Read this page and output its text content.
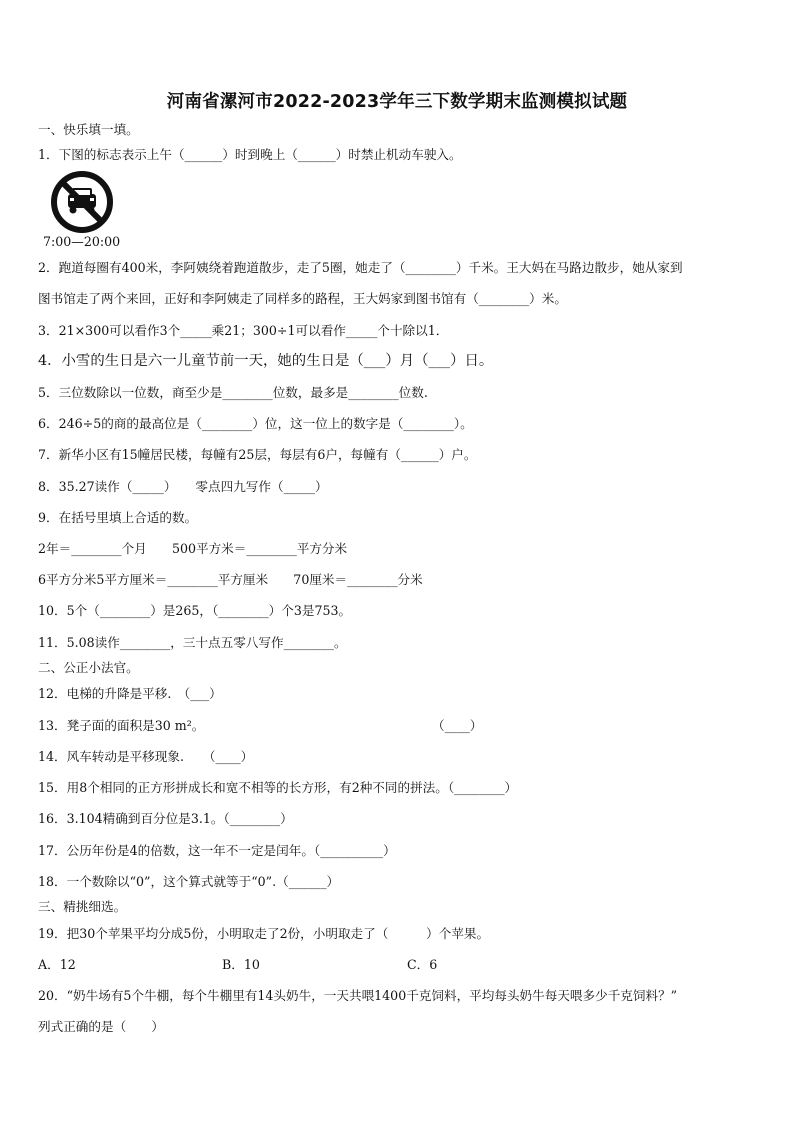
河南省漯河市2022-2023学年三下数学期末监测模拟试题
一、快乐填一填。
1．下图的标志表示上午（______）时到晚上（______）时禁止机动车驶入。
7:00—20:00
2．跑道每圈有400米，李阿姨绕着跑道散步，走了5圈，她走了（________）千米。王大妈在马路边散步，她从家到
图书馆走了两个来回，正好和李阿姨走了同样多的路程，王大妈家到图书馆有（________）米。
3．21×300可以看作3个_____乘21；300÷1可以看作_____个十除以1．
4．小雪的生日是六一儿童节前一天，她的生日是（___）月（___）日。
5．三位数除以一位数，商至少是________位数，最多是________位数.
6．246÷5的商的最高位是（________）位，这一位上的数字是（________）。
7．新华小区有15幢居民楼，每幢有25层，每层有6户，每幢有（______）户。
8．35.27读作（_____）　　零点四九写作（_____）
9．在括号里填上合适的数。
2年＝________个月　　500平方米＝________平方分米
6平方分米5平方厘米＝________平方厘米　　70厘米＝________分米
10．5个（________）是265，（________）个3是753。
11．5.08读作________，三十点五零八写作________。
二、公正小法官。
12．电梯的升降是平移.　（___）
13．凳子面的面积是30 m²。	（____）
14．风车转动是平移现象.　　（____）
15．用8个相同的正方形拼成长和宽不相等的长方形，有2种不同的拼法。（________）
16．3.104精确到百分位是3.1。（________）
17．公历年份是4的倍数，这一年不一定是闰年。（__________）
18．一个数除以“0”，这个算式就等于“0”.（______）
三、精挑细选。
19．把30个苹果平均分成5份，小明取走了2份，小明取走了（　　　）个苹果。
A．12	B．10	C．6
20．“奶牛场有5个牛棚，每个牛棚里有14头奶牛，一天共喂1400千克饲料，平均每头奶牛每天喂多少千克饲料？”
列式正确的是（　　）
